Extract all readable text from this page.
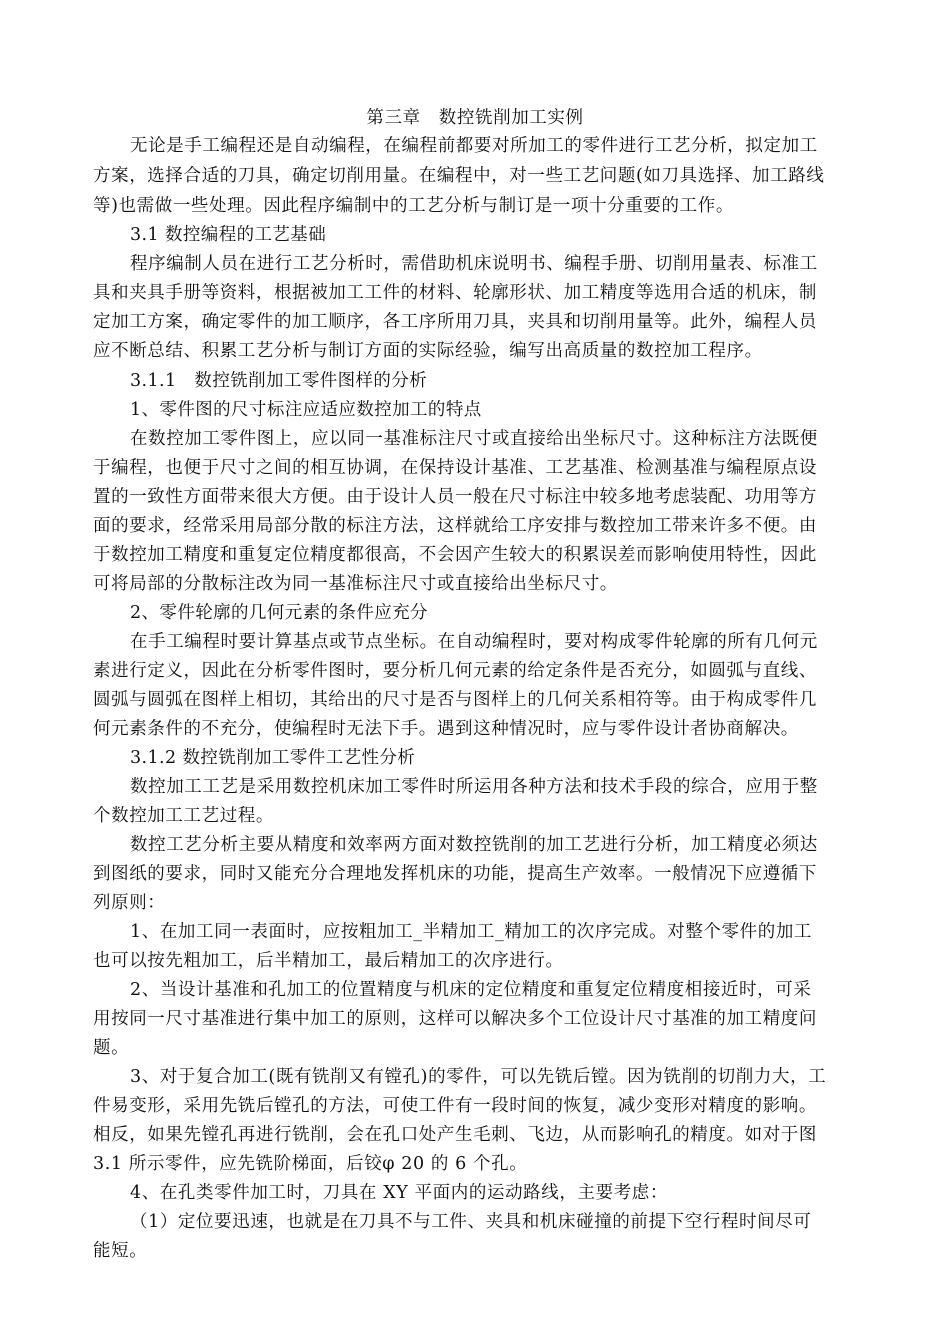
第三章　数控铣削加工实例
无论是手工编程还是自动编程，在编程前都要对所加工的零件进行工艺分析，拟定加工
方案，选择合适的刀具，确定切削用量。在编程中，对一些工艺问题(如刀具选择、加工路线
等)也需做一些处理。因此程序编制中的工艺分析与制订是一项十分重要的工作。
3.1 数控编程的工艺基础
程序编制人员在进行工艺分析时，需借助机床说明书、编程手册、切削用量表、标准工
具和夹具手册等资料，根据被加工工件的材料、轮廓形状、加工精度等选用合适的机床，制
定加工方案，确定零件的加工顺序，各工序所用刀具，夹具和切削用量等。此外，编程人员
应不断总结、积累工艺分析与制订方面的实际经验，编写出高质量的数控加工程序。
3.1.1　数控铣削加工零件图样的分析
1、零件图的尺寸标注应适应数控加工的特点
在数控加工零件图上，应以同一基准标注尺寸或直接给出坐标尺寸。这种标注方法既便
于编程，也便于尺寸之间的相互协调，在保持设计基准、工艺基准、检测基准与编程原点设
置的一致性方面带来很大方便。由于设计人员一般在尺寸标注中较多地考虑装配、功用等方
面的要求，经常采用局部分散的标注方法，这样就给工序安排与数控加工带来许多不便。由
于数控加工精度和重复定位精度都很高，不会因产生较大的积累误差而影响使用特性，因此
可将局部的分散标注改为同一基准标注尺寸或直接给出坐标尺寸。
2、零件轮廓的几何元素的条件应充分
在手工编程时要计算基点或节点坐标。在自动编程时，要对构成零件轮廓的所有几何元
素进行定义，因此在分析零件图时，要分析几何元素的给定条件是否充分，如圆弧与直线、
圆弧与圆弧在图样上相切，其给出的尺寸是否与图样上的几何关系相符等。由于构成零件几
何元素条件的不充分，使编程时无法下手。遇到这种情况时，应与零件设计者协商解决。
3.1.2 数控铣削加工零件工艺性分析
数控加工工艺是采用数控机床加工零件时所运用各种方法和技术手段的综合，应用于整
个数控加工工艺过程。
数控工艺分析主要从精度和效率两方面对数控铣削的加工艺进行分析，加工精度必须达
到图纸的要求，同时又能充分合理地发挥机床的功能，提高生产效率。一般情况下应遵循下
列原则：
1、在加工同一表面时，应按粗加工_半精加工_精加工的次序完成。对整个零件的加工
也可以按先粗加工，后半精加工，最后精加工的次序进行。
2、当设计基准和孔加工的位置精度与机床的定位精度和重复定位精度相接近时，可采
用按同一尺寸基准进行集中加工的原则，这样可以解决多个工位设计尺寸基准的加工精度问
题。
3、对于复合加工(既有铣削又有镗孔)的零件，可以先铣后镗。因为铣削的切削力大，工
件易变形，采用先铣后镗孔的方法，可使工件有一段时间的恢复，减少变形对精度的影响。
相反，如果先镗孔再进行铣削，会在孔口处产生毛刺、飞边，从而影响孔的精度。如对于图
3.1 所示零件，应先铣阶梯面，后铰φ 20 的 6 个孔。
4、在孔类零件加工时，刀具在 XY 平面内的运动路线，主要考虑：
（1）定位要迅速，也就是在刀具不与工件、夹具和机床碰撞的前提下空行程时间尽可
能短。
